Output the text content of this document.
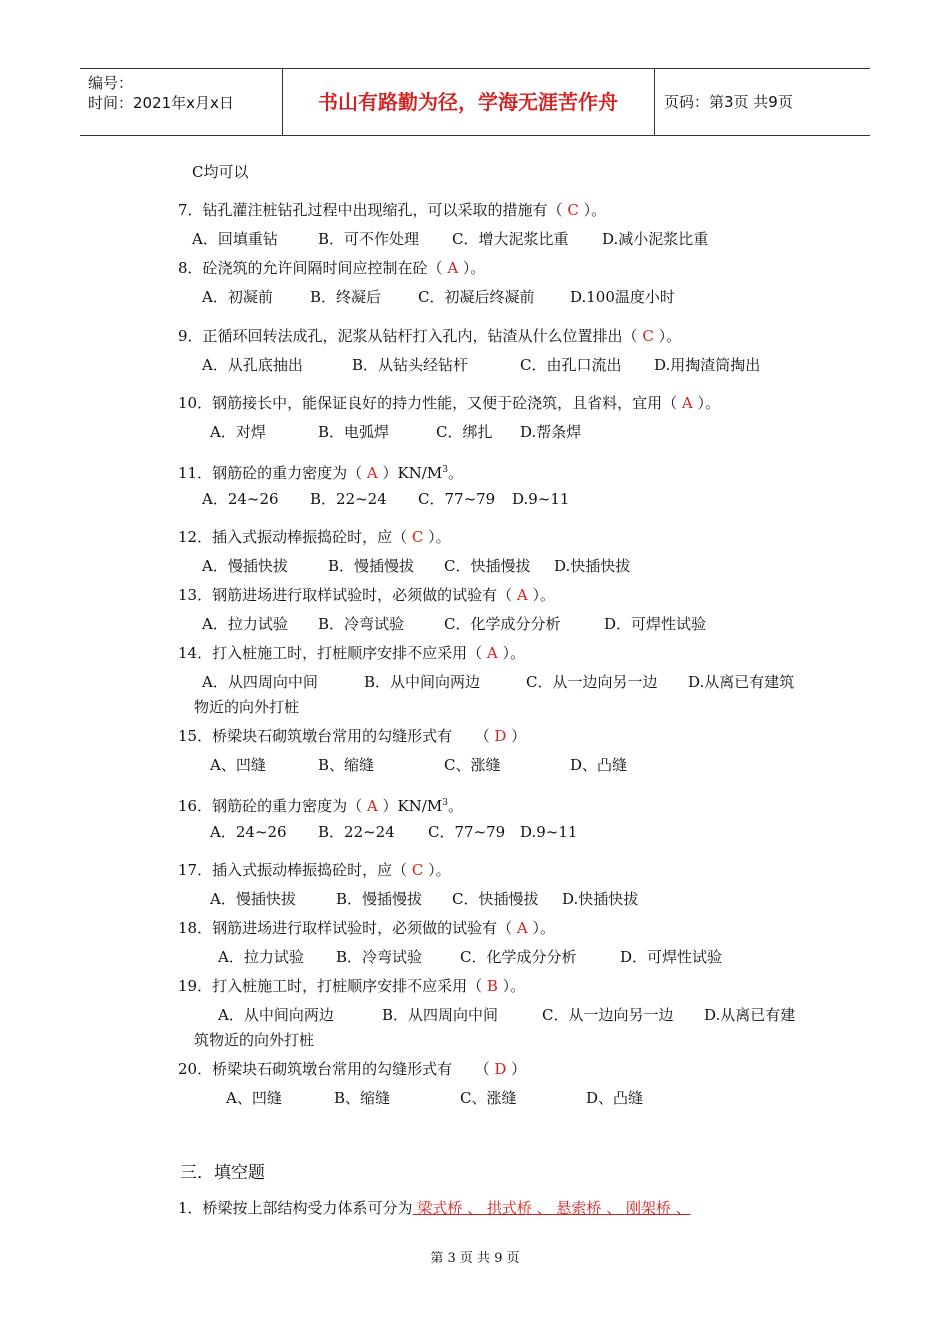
编号：
时间：2021年x月x日	书山有路勤为径，学海无涯苦作舟	页码：第3页 共9页
C均可以
7．钻孔灌注桩钻孔过程中出现缩孔，可以采取的措施有（ C ）。
A．回填重钻	B．可不作处理 C．增大泥浆比重 D.减小泥浆比重
8．砼浇筑的允许间隔时间应控制在砼（ A ）。
A．初凝前 B．终凝后 C．初凝后终凝前 D.100温度小时
9．正循环回转法成孔，泥浆从钻杆打入孔内，钻渣从什么位置排出（ C ）。
A．从孔底抽出	B．从钻头经钻杆	C．由孔口流出 D.用掏渣筒掏出
10．钢筋接长中，能保证良好的持力性能，又便于砼浇筑，且省料，宜用（ A ）。
A．对焊	B．电弧焊	C．绑扎 D.帮条焊
11．钢筋砼的重力密度为（ A ）$KN/M^3$。
A．24~26 B．22~24 C．77~79 D.9~11
12．插入式振动棒振捣砼时，应（ C ）。
A．慢插快拔	B．慢插慢拔 C．快插慢拔 D.快插快拔
13．钢筋进场进行取样试验时，必须做的试验有（ A ）。
A．拉力试验 B．冷弯试验	C．化学成分分析	D．可焊性试验
14．打入桩施工时，打桩顺序安排不应采用（ A ）。
A．从四周向中间	B．从中间向两边	C．从一边向另一边 D.从离已有建筑
物近的向外打桩
15．桥梁块石砌筑墩台常用的勾缝形式有　　（ D ）
A、凹缝	B、缩缝	C、涨缝	D、凸缝
16．钢筋砼的重力密度为（ A ）$KN/M^3$。
A．24~26 B．22~24 C．77~79 D.9~11
17．插入式振动棒振捣砼时，应（ C ）。
A．慢插快拔	B．慢插慢拔 C．快插慢拔 D.快插快拔
18．钢筋进场进行取样试验时，必须做的试验有（ A ）。
A．拉力试验 B．冷弯试验	C．化学成分分析	D．可焊性试验
19．打入桩施工时，打桩顺序安排不应采用（ B ）。
A．从中间向两边	B．从四周向中间	C．从一边向另一边 D.从离已有建
筑物近的向外打桩
20．桥梁块石砌筑墩台常用的勾缝形式有　　（ D ）
A、凹缝	B、缩缝	C、涨缝	D、凸缝
三．填空题
1．桥梁按上部结构受力体系可分为 梁式桥 、 拱式桥 、 悬索桥 、 刚架桥 、
第 3 页 共 9 页
